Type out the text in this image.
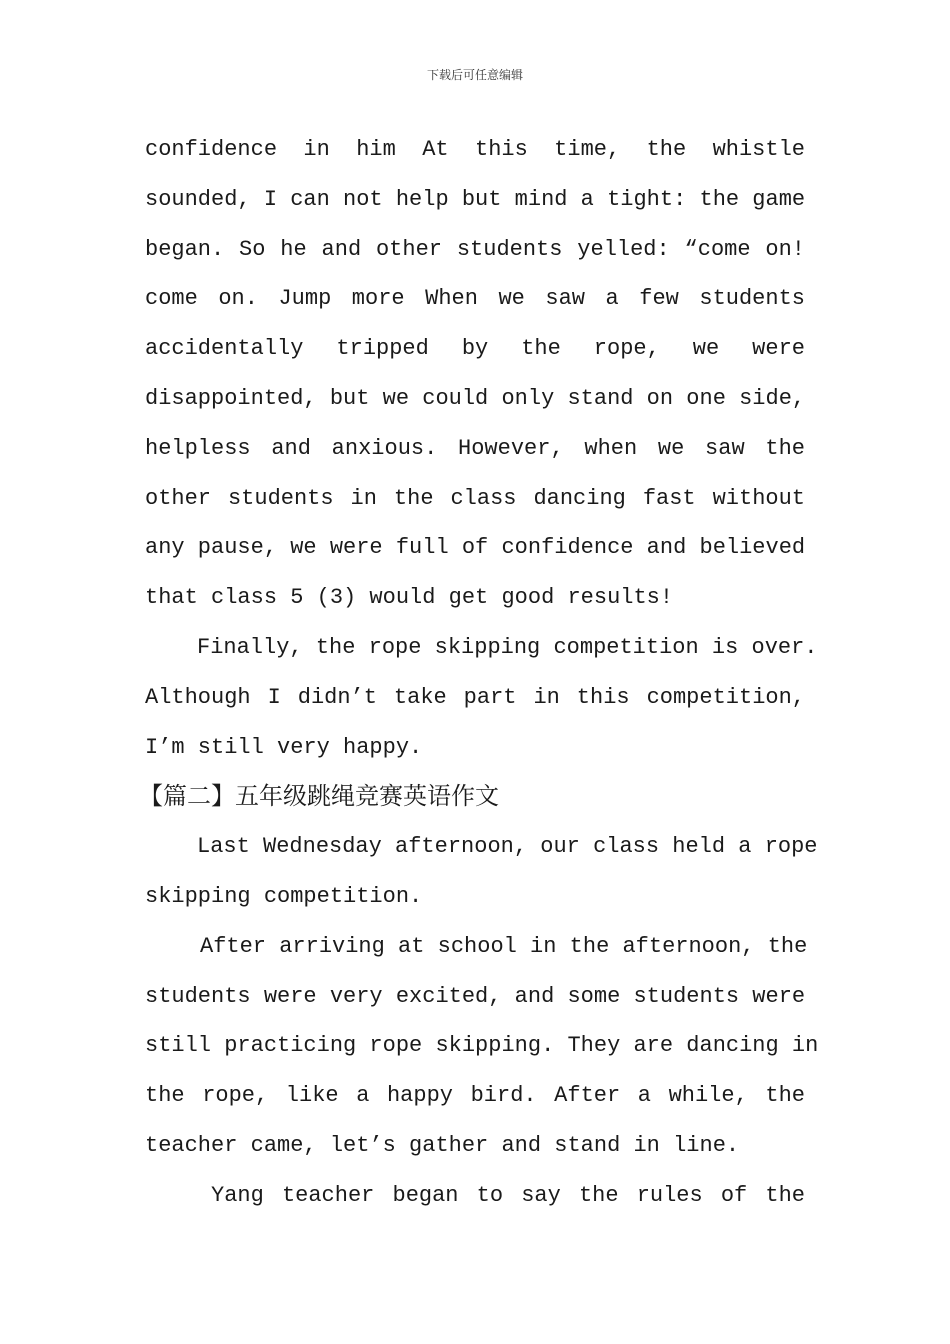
下载后可任意编辑
confidence in him At this time, the whistle
sounded, I can not help but mind a tight: the game
began. So he and other students yelled: “come on!
come on. Jump more When we saw a few students
accidentally tripped by the rope, we were
disappointed, but we could only stand on one side,
helpless and anxious. However, when we saw the
other students in the class dancing fast without
any pause, we were full of confidence and believed
that class 5 (3) would get good results!
Finally, the rope skipping competition is over.
Although I didn’t take part in this competition,
I’m still very happy.
【篇二】五年级跳绳竞赛英语作文
Last Wednesday afternoon, our class held a rope
skipping competition.
After arriving at school in the afternoon, the
students were very excited, and some students were
still practicing rope skipping. They are dancing in
the rope, like a happy bird. After a while, the
teacher came, let’s gather and stand in line.
Yang teacher began to say the rules of the
